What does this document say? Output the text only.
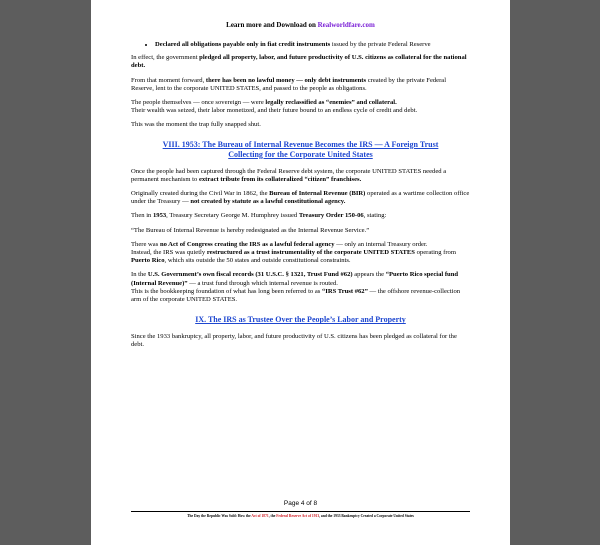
Learn more and Download on Realworldfare.com
• Declared all obligations payable only in fiat credit instruments issued by the private Federal Reserve

In effect, the government pledged all property, labor, and future productivity of U.S. citizens as collateral for the national debt.

From that moment forward, there has been no lawful money — only debt instruments created by the private Federal Reserve, lent to the corporate UNITED STATES, and passed to the people as obligations.

The people themselves — once sovereign — were legally reclassified as “enemies” and collateral.
Their wealth was seized, their labor monetized, and their future bound to an endless cycle of credit and debt.

This was the moment the trap fully snapped shut.

VIII. 1953: The Bureau of Internal Revenue Becomes the IRS — A Foreign Trust Collecting for the Corporate United States

Once the people had been captured through the Federal Reserve debt system, the corporate UNITED STATES needed a permanent mechanism to extract tribute from its collateralized “citizen” franchises.

Originally created during the Civil War in 1862, the Bureau of Internal Revenue (BIR) operated as a wartime collection office under the Treasury — not created by statute as a lawful constitutional agency.

Then in 1953, Treasury Secretary George M. Humphrey issued Treasury Order 150-06, stating:

“The Bureau of Internal Revenue is hereby redesignated as the Internal Revenue Service.”

There was no Act of Congress creating the IRS as a lawful federal agency — only an internal Treasury order.
Instead, the IRS was quietly restructured as a trust instrumentality of the corporate UNITED STATES operating from Puerto Rico, which sits outside the 50 states and outside constitutional constraints.

In the U.S. Government’s own fiscal records (31 U.S.C. § 1321, Trust Fund #62) appears the “Puerto Rico special fund (Internal Revenue)” — a trust fund through which internal revenue is routed.
This is the bookkeeping foundation of what has long been referred to as “IRS Trust #62” — the offshore revenue-collection arm of the corporate UNITED STATES.

IX. The IRS as Trustee Over the People’s Labor and Property

Since the 1933 bankruptcy, all property, labor, and future productivity of U.S. citizens has been pledged as collateral for the debt.

Page 4 of 8
The Day the Republic Was Sold: How the Act of 1871, the Federal Reserve Act of 1913, and the 1933 Bankruptcy Created a Corporate United States
